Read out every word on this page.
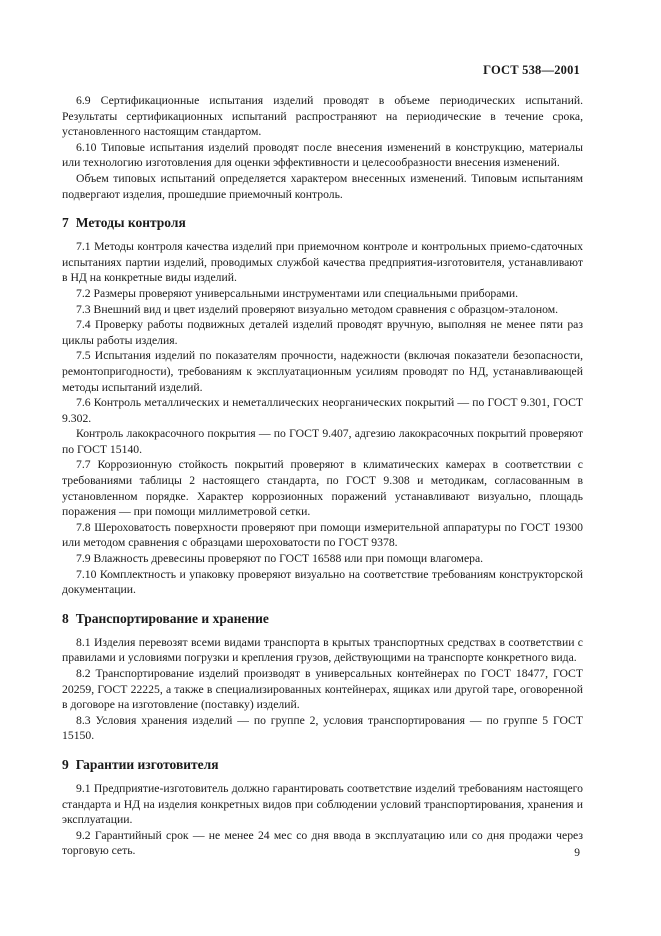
ГОСТ 538—2001

6.9 Сертификационные испытания изделий проводят в объеме периодических испытаний. Результаты сертификационных испытаний распространяют на периодические в течение срока, установленного настоящим стандартом.

6.10 Типовые испытания изделий проводят после внесения изменений в конструкцию, материалы или технологию изготовления для оценки эффективности и целесообразности внесения изменений.

Объем типовых испытаний определяется характером внесенных изменений. Типовым испытаниям подвергают изделия, прошедшие приемочный контроль.

7 Методы контроля

7.1 Методы контроля качества изделий при приемочном контроле и контрольных приемо-сдаточных испытаниях партии изделий, проводимых службой качества предприятия-изготовителя, устанавливают в НД на конкретные виды изделий.

7.2 Размеры проверяют универсальными инструментами или специальными приборами.

7.3 Внешний вид и цвет изделий проверяют визуально методом сравнения с образцом-эталоном.

7.4 Проверку работы подвижных деталей изделий проводят вручную, выполняя не менее пяти раз циклы работы изделия.

7.5 Испытания изделий по показателям прочности, надежности (включая показатели безопасности, ремонтопригодности), требованиям к эксплуатационным усилиям проводят по НД, устанавливающей методы испытаний изделий.

7.6 Контроль металлических и неметаллических неорганических покрытий — по ГОСТ 9.301, ГОСТ 9.302.

Контроль лакокрасочного покрытия — по ГОСТ 9.407, адгезию лакокрасочных покрытий проверяют по ГОСТ 15140.

7.7 Коррозионную стойкость покрытий проверяют в климатических камерах в соответствии с требованиями таблицы 2 настоящего стандарта, по ГОСТ 9.308 и методикам, согласованным в установленном порядке. Характер коррозионных поражений устанавливают визуально, площадь поражения — при помощи миллиметровой сетки.

7.8 Шероховатость поверхности проверяют при помощи измерительной аппаратуры по ГОСТ 19300 или методом сравнения с образцами шероховатости по ГОСТ 9378.

7.9 Влажность древесины проверяют по ГОСТ 16588 или при помощи влагомера.

7.10 Комплектность и упаковку проверяют визуально на соответствие требованиям конструкторской документации.

8 Транспортирование и хранение

8.1 Изделия перевозят всеми видами транспорта в крытых транспортных средствах в соответствии с правилами и условиями погрузки и крепления грузов, действующими на транспорте конкретного вида.

8.2 Транспортирование изделий производят в универсальных контейнерах по ГОСТ 18477, ГОСТ 20259, ГОСТ 22225, а также в специализированных контейнерах, ящиках или другой таре, оговоренной в договоре на изготовление (поставку) изделий.

8.3 Условия хранения изделий — по группе 2, условия транспортирования — по группе 5 ГОСТ 15150.

9 Гарантии изготовителя

9.1 Предприятие-изготовитель должно гарантировать соответствие изделий требованиям настоящего стандарта и НД на изделия конкретных видов при соблюдении условий транспортирования, хранения и эксплуатации.

9.2 Гарантийный срок — не менее 24 мес со дня ввода в эксплуатацию или со дня продажи через торговую сеть.	9
